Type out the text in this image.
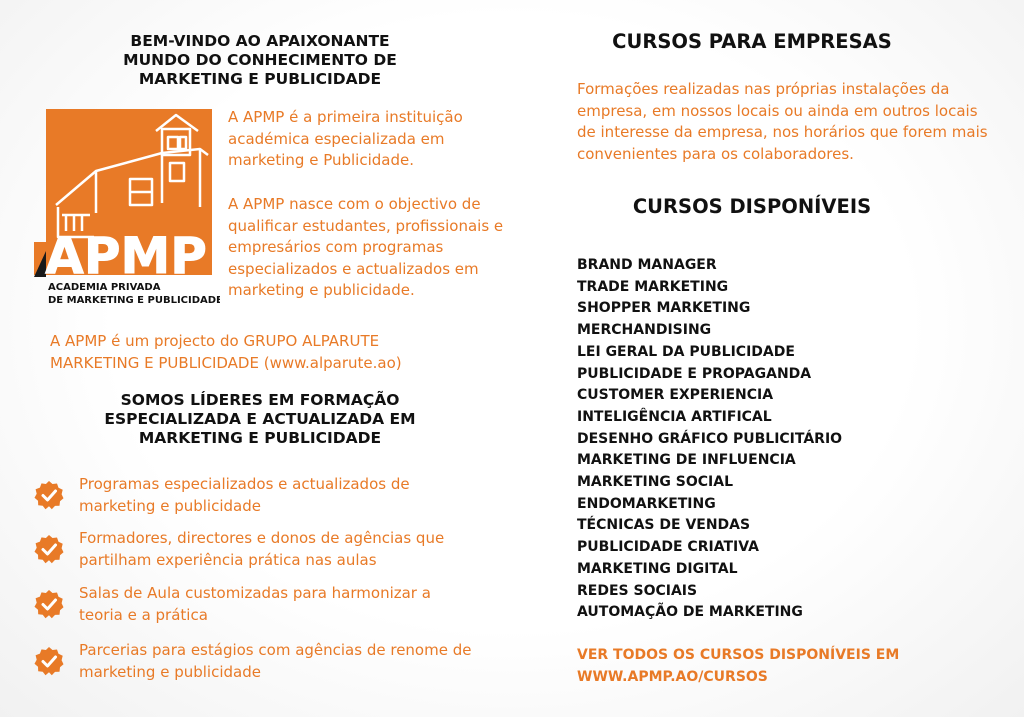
BEM-VINDO AO APAIXONANTE MUNDO DO CONHECIMENTO DE MARKETING E PUBLICIDADE
APMP
ACADEMIA PRIVADA
DE MARKETING E PUBLICIDADE
A APMP é a primeira instituição académica especializada em marketing e Publicidade.
A APMP nasce com o objectivo de qualificar estudantes, profissionais e empresários com programas especializados e actualizados em marketing e publicidade.
A APMP é um projecto do GRUPO ALPARUTE MARKETING E PUBLICIDADE (www.alparute.ao)
SOMOS LÍDERES EM FORMAÇÃO ESPECIALIZADA E ACTUALIZADA EM MARKETING E PUBLICIDADE
Programas especializados e actualizados de marketing e publicidade
Formadores, directores e donos de agências que partilham experiência prática nas aulas
Salas de Aula customizadas para harmonizar a teoria e a prática
Parcerias para estágios com agências de renome de marketing e publicidade
CURSOS PARA EMPRESAS
Formações realizadas nas próprias instalações da empresa, em nossos locais ou ainda em outros locais de interesse da empresa, nos horários que forem mais convenientes para os colaboradores.
CURSOS DISPONÍVEIS
BRAND MANAGER
TRADE MARKETING
SHOPPER MARKETING
MERCHANDISING
LEI GERAL DA PUBLICIDADE
PUBLICIDADE E PROPAGANDA
CUSTOMER EXPERIENCIA
INTELIGÊNCIA ARTIFICAL
DESENHO GRÁFICO PUBLICITÁRIO
MARKETING DE INFLUENCIA
MARKETING SOCIAL
ENDOMARKETING
TÉCNICAS DE VENDAS
PUBLICIDADE CRIATIVA
MARKETING DIGITAL
REDES SOCIAIS
AUTOMAÇÃO DE MARKETING
VER TODOS OS CURSOS DISPONÍVEIS EM
WWW.APMP.AO/CURSOS
